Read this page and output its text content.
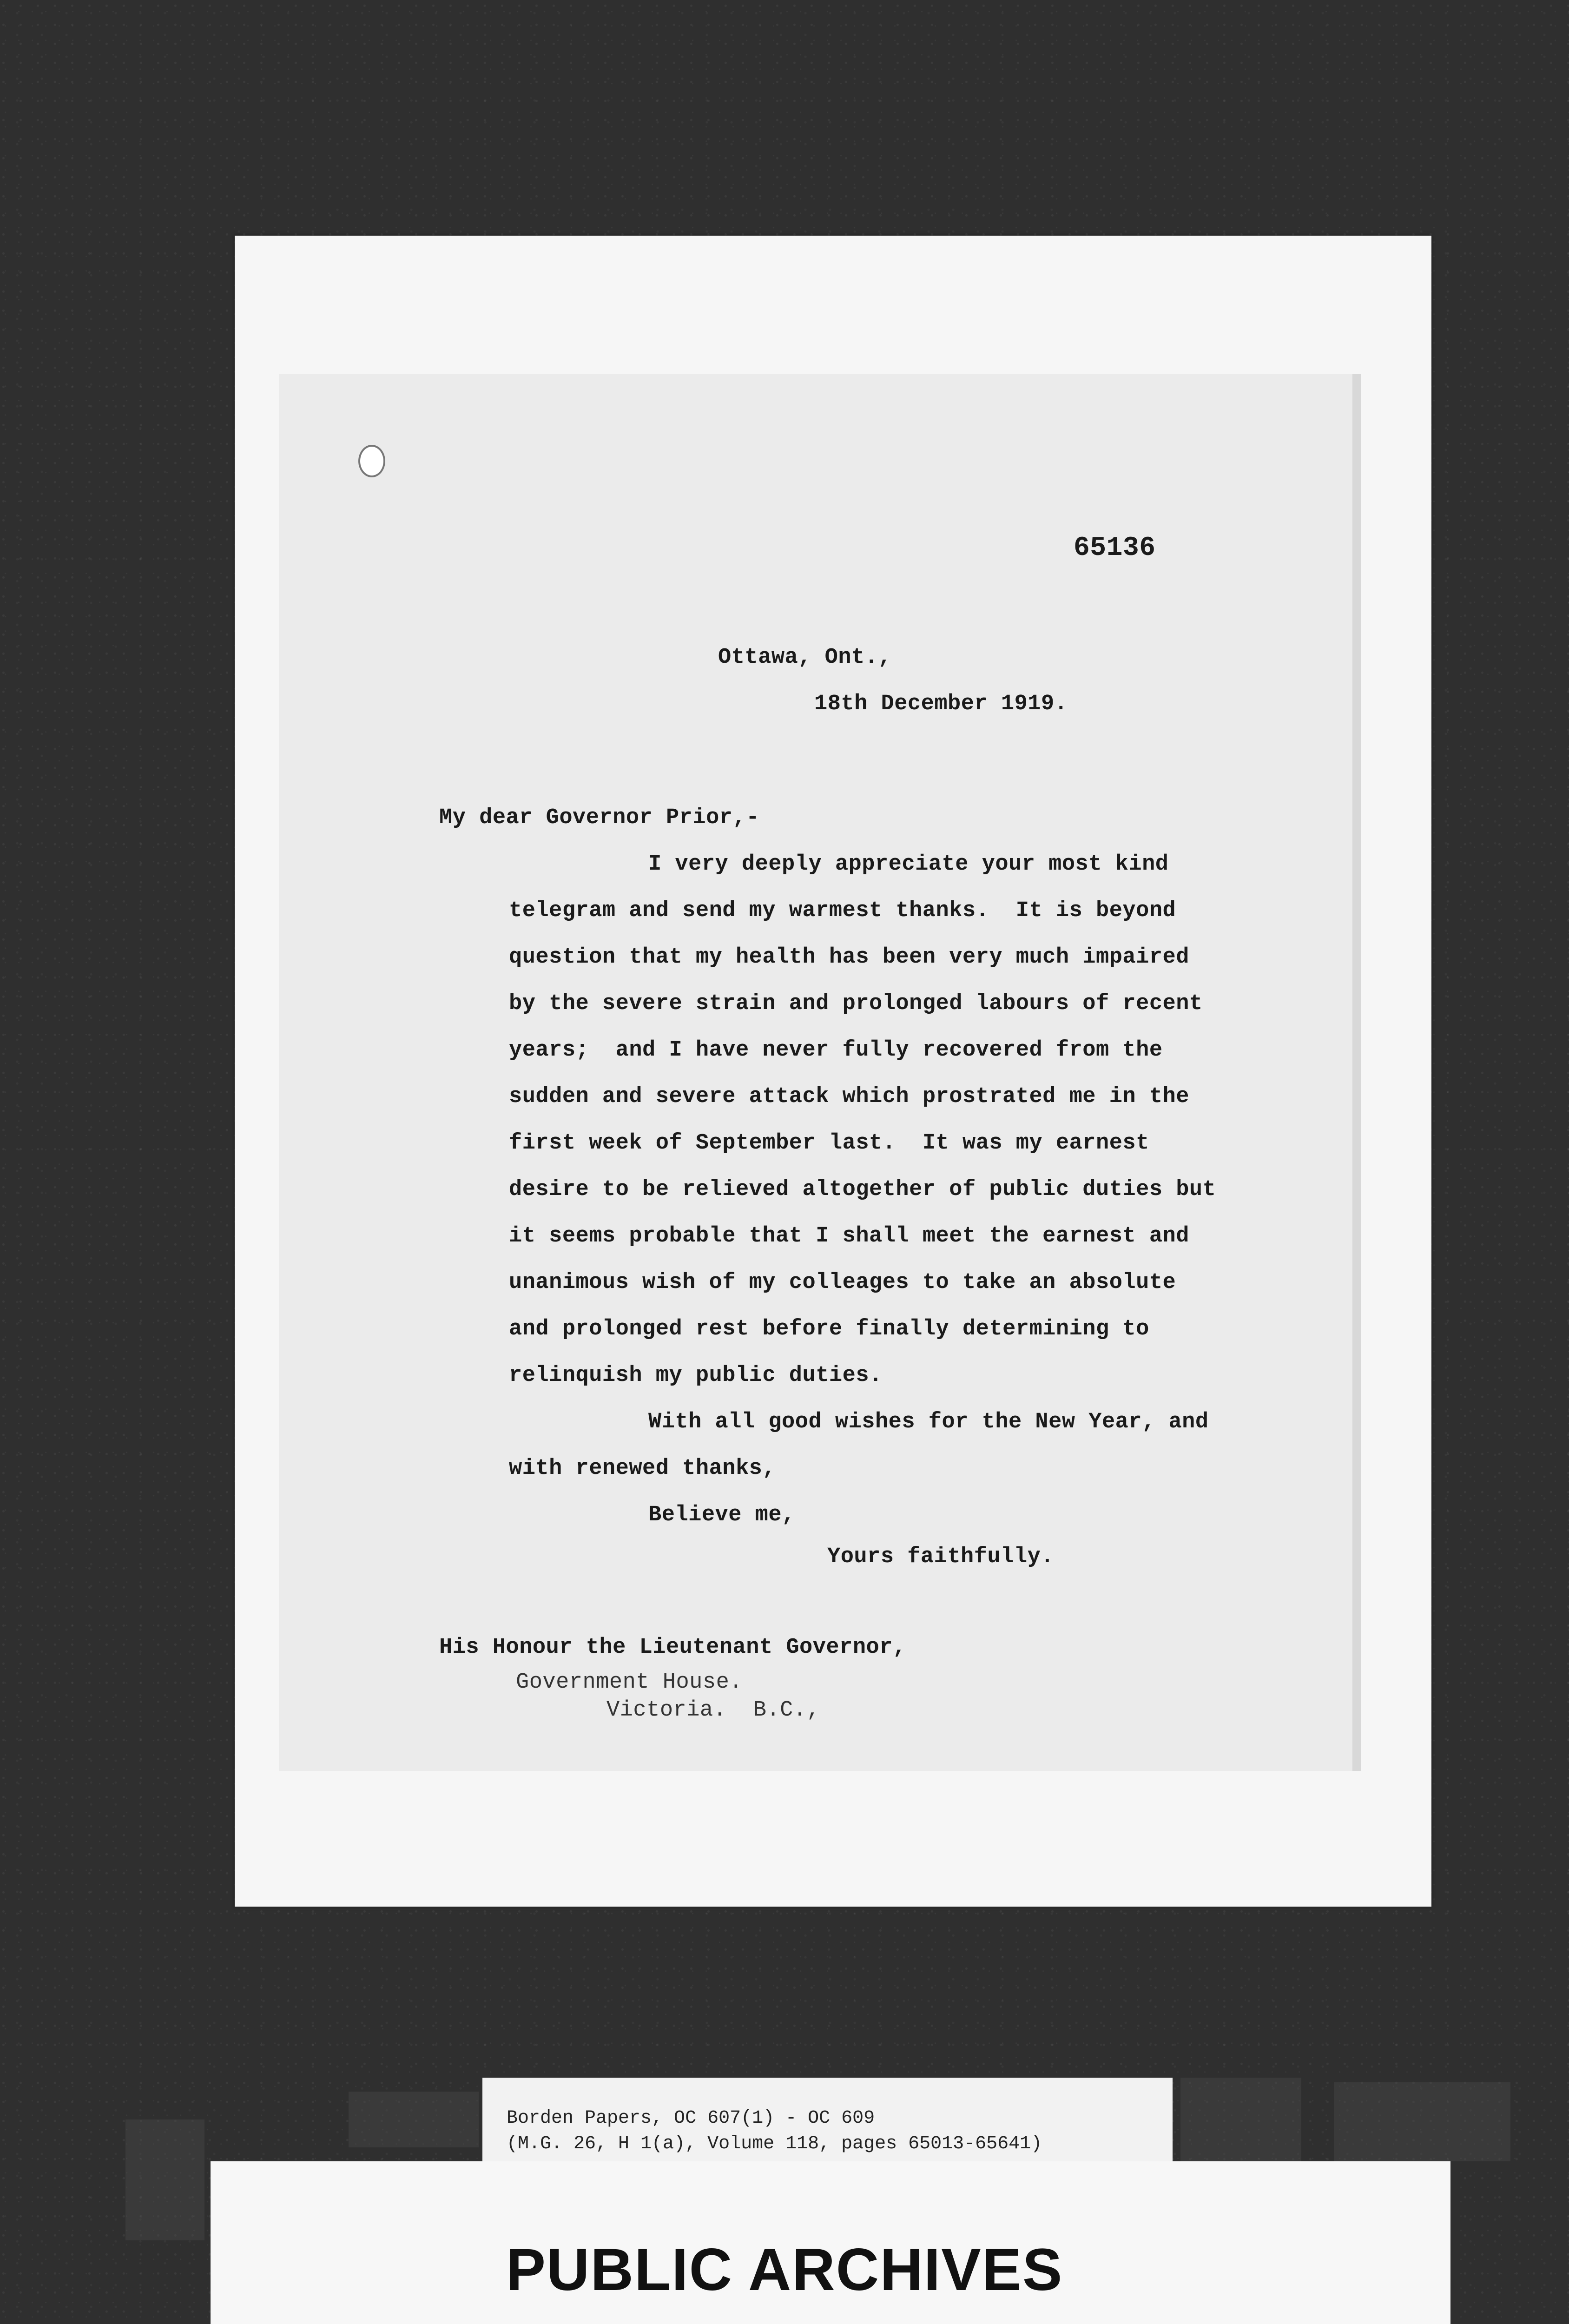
65136
Ottawa, Ont.,
18th December 1919.
My dear Governor Prior,-
I very deeply appreciate your most kind
telegram and send my warmest thanks.  It is beyond
question that my health has been very much impaired
by the severe strain and prolonged labours of recent
years;  and I have never fully recovered from the
sudden and severe attack which prostrated me in the
first week of September last.  It was my earnest
desire to be relieved altogether of public duties but
it seems probable that I shall meet the earnest and
unanimous wish of my colleages to take an absolute
and prolonged rest before finally determining to
relinquish my public duties.
With all good wishes for the New Year, and
with renewed thanks,
Believe me,
Yours faithfully.
His Honour the Lieutenant Governor,
Government House.
Victoria.  B.C.,
Borden Papers, OC 607(1) - OC 609
(M.G. 26, H 1(a), Volume 118, pages 65013-65641)
PUBLIC ARCHIVES
